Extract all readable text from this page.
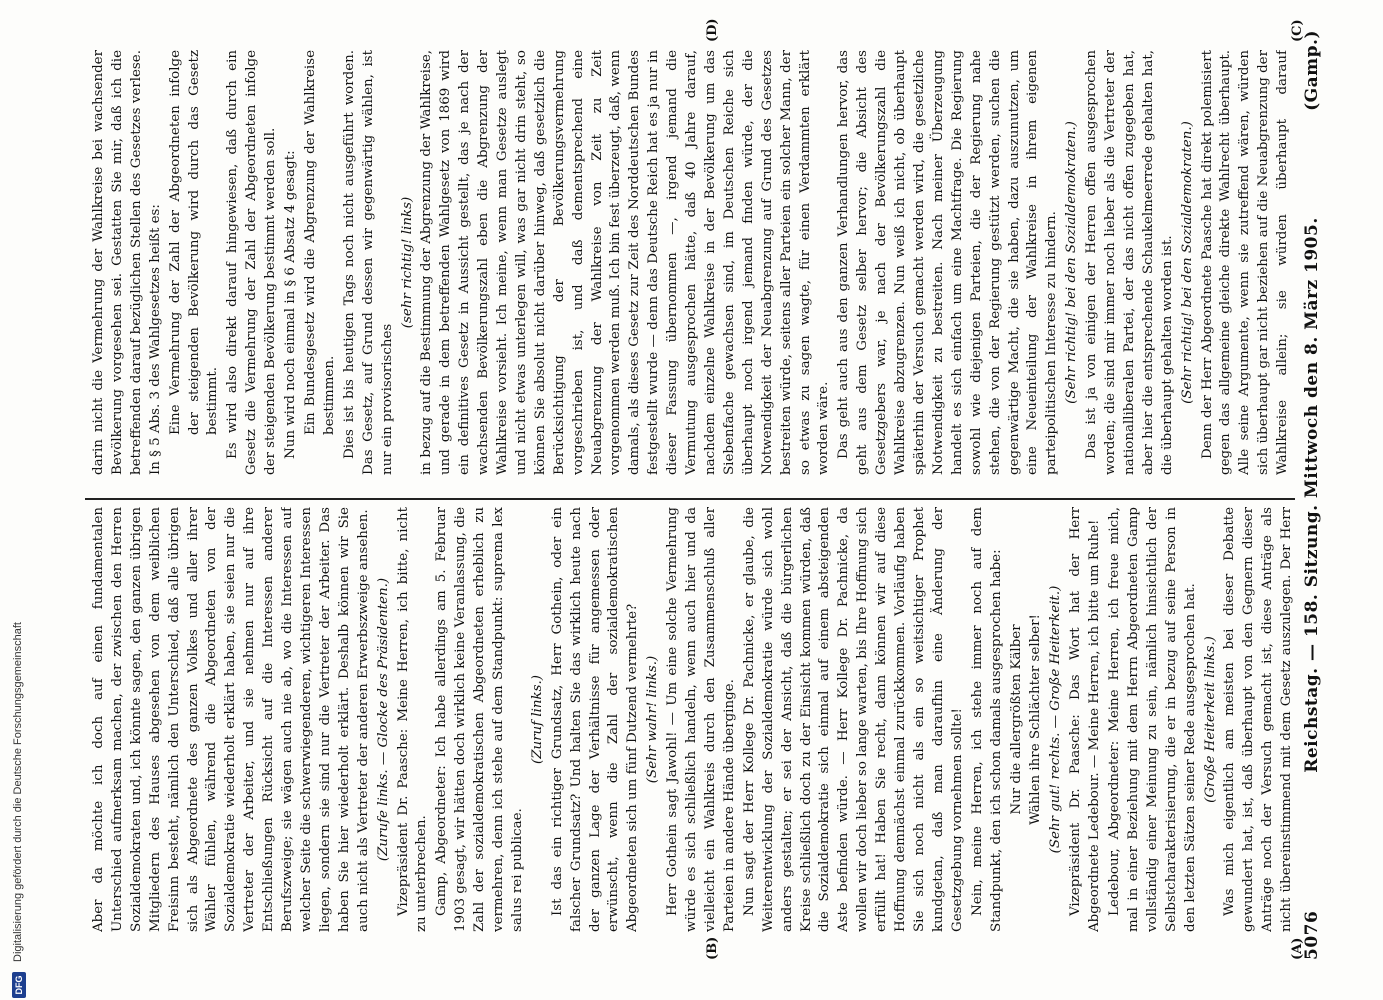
5076
Reichstag. — 158. Sitzung. Mittwoch den 8. März 1905.
(Gamp.)
(A)
(B)
(C)
(D)

Aber da möchte ich doch auf einen fundamentalen Unterschied aufmerksam machen, der zwischen den Herren Sozialdemokraten und, ich könnte sagen, den ganzen übrigen Mitgliedern des Hauses abgesehen von dem weiblichen Freisinn besteht, nämlich den Unterschied, daß alle übrigen sich als Abgeordnete des ganzen Volkes und aller ihrer Wähler fühlen, während die Abgeordneten von der Sozialdemokratie wiederholt erklärt haben, sie seien nur die Vertreter der Arbeiter, und sie nehmen nur auf ihre Entschließungen Rücksicht auf die Interessen anderer Berufszweige; sie wägen auch nie ab, wo die Interessen auf welcher Seite die schwerwiegenderen, wichtigeren Interessen liegen, sondern sie sind nur die Vertreter der Arbeiter. Das haben Sie hier wiederholt erklärt. Deshalb können wir Sie auch nicht als Vertreter der anderen Erwerbszweige ansehen. (Zurufe links. — Glocke des Präsidenten.) Vizepräsident Dr. Paasche: Meine Herren, ich bitte, nicht zu unterbrechen. Gamp, Abgeordneter: Ich habe allerdings am 5. Februar 1903 gesagt, wir hätten doch wirklich keine Veranlassung, die Zahl der sozialdemokratischen Abgeordneten erheblich zu vermehren, denn ich stehe auf dem Standpunkt: suprema lex salus rei publicae.

(Zuruf links.) Ist das ein richtiger Grundsatz, Herr Gothein, oder ein falscher Grundsatz? Und halten Sie das wirklich heute nach der ganzen Lage der Verhältnisse für angemessen oder erwünscht, wenn die Zahl der sozialdemokratischen Abgeordneten sich um fünf Dutzend vermehrte? (Sehr wahr! links.) Herr Gothein sagt Jawohl! — Um eine solche Vermehrung würde es sich schließlich handeln, wenn auch hier und da vielleicht ein Wahlkreis durch den Zusammenschluß aller Parteien in andere Hände überginge. Nun sagt der Herr Kollege Dr. Pachnicke, er glaube, die Weiterentwicklung der Sozialdemokratie würde sich wohl anders gestalten; er sei der Ansicht, daß die bürgerlichen Kreise schließlich doch zu der Einsicht kommen würden, daß die Sozialdemokratie sich einmal auf einem absteigenden Aste befinden würde. — Herr Kollege Dr. Pachnicke, da wollen wir doch lieber so lange warten, bis Ihre Hoffnung sich erfüllt hat! Haben Sie recht, dann können wir auf diese Hoffnung demnächst einmal zurückkommen. Vorläufig haben Sie sich noch nicht als ein so weitsichtiger Prophet kundgetan, daß man daraufhin eine Änderung der Gesetzgebung vornehmen sollte! Nein, meine Herren, ich stehe immer noch auf dem Standpunkt, den ich schon damals ausgesprochen habe: Nur die allergrößten Kälber Wählen ihre Schlächter selber! (Sehr gut! rechts. — Große Heiterkeit.) Vizepräsident Dr. Paasche: Das Wort hat der Herr Abgeordnete Ledebour. — Meine Herren, ich bitte um Ruhe! Ledebour, Abgeordneter: Meine Herren, ich freue mich, mal in einer Beziehung mit dem Herrn Abgeordneten Gamp vollständig einer Meinung zu sein, nämlich hinsichtlich der Selbstcharakterisierung, die er in bezug auf seine Person in den letzten Sätzen seiner Rede ausgesprochen hat. (Große Heiterkeit links.)

Was mich eigentlich am meisten bei dieser Debatte gewundert hat, ist, daß überhaupt von den Gegnern dieser Anträge noch der Versuch gemacht ist, diese Anträge als nicht übereinstimmend mit dem Gesetz auszulegen. Der Herr

darin nicht die Vermehrung der Wahlkreise bei wachsender Bevölkerung vorgesehen sei. Gestatten Sie mir, daß ich die betreffenden darauf bezüglichen Stellen des Gesetzes verlese. In § 5 Abs. 3 des Wahlgesetzes heißt es: Eine Vermehrung der Zahl der Abgeordneten infolge der steigenden Bevölkerung wird durch das Gesetz bestimmt. Es wird also direkt darauf hingewiesen, daß durch ein Gesetz die Vermehrung der Zahl der Abgeordneten infolge der steigenden Bevölkerung bestimmt werden soll. Nun wird noch einmal in § 6 Absatz 4 gesagt: Ein Bundesgesetz wird die Abgrenzung der Wahlkreise bestimmen. Dies ist bis heutigen Tags noch nicht ausgeführt worden. Das Gesetz, auf Grund dessen wir gegenwärtig wählen, ist nur ein provisorisches

(sehr richtig! links) in bezug auf die Bestimmung der Abgrenzung der Wahlkreise, und gerade in dem betreffenden Wahlgesetz von 1869 wird ein definitives Gesetz in Aussicht gestellt, das je nach der wachsenden Bevölkerungszahl eben die Abgrenzung der Wahlkreise vorsieht. Ich meine, wenn man Gesetze auslegt und nicht etwas unterlegen will, was gar nicht drin steht, so können Sie absolut nicht darüber hinweg, daß gesetzlich die Berücksichtigung der Bevölkerungsvermehrung vorgeschrieben ist, und daß dementsprechend eine Neuabgrenzung der Wahlkreise von Zeit zu Zeit vorgenommen werden muß. Ich bin fest überzeugt, daß, wenn damals, als dieses Gesetz zur Zeit des Norddeutschen Bundes festgestellt wurde — denn das Deutsche Reich hat es ja nur in dieser Fassung übernommen —, irgend jemand die Vermutung ausgesprochen hätte, daß 40 Jahre darauf, nachdem einzelne Wahlkreise in der Bevölkerung um das Siebenfache gewachsen sind, im Deutschen Reiche sich überhaupt noch irgend jemand finden würde, der die Notwendigkeit der Neuabgrenzung auf Grund des Gesetzes bestreiten würde, seitens aller Parteien ein solcher Mann, der so etwas zu sagen wagte, für einen Verdammten erklärt worden wäre. Das geht auch aus den ganzen Verhandlungen hervor, das geht aus dem Gesetz selber hervor; die Absicht des Gesetzgebers war, je nach der Bevölkerungszahl die Wahlkreise abzugrenzen. Nun weiß ich nicht, ob überhaupt späterhin der Versuch gemacht werden wird, die gesetzliche Notwendigkeit zu bestreiten. Nach meiner Überzeugung handelt es sich einfach um eine Machtfrage. Die Regierung sowohl wie diejenigen Parteien, die der Regierung nahe stehen, die von der Regierung gestützt werden, suchen die gegenwärtige Macht, die sie haben, dazu auszunutzen, um eine Neueinteilung der Wahlkreise in ihrem eigenen parteipolitischen Interesse zu hindern. (Sehr richtig! bei den Sozialdemokraten.) Das ist ja von einigen der Herren offen ausgesprochen worden; die sind mir immer noch lieber als die Vertreter der nationalliberalen Partei, der das nicht offen zugegeben hat, aber hier die entsprechende Schaukelmeerrede gehalten hat, die überhaupt gehalten worden ist. (Sehr richtig! bei den Sozialdemokraten.)

Denn der Herr Abgeordnete Paasche hat direkt polemisiert gegen das allgemeine gleiche direkte Wahlrecht überhaupt. Alle seine Argumente, wenn sie zutreffend wären, würden sich überhaupt gar nicht beziehen auf die Neuabgrenzung der Wahlkreise allein; sie würden überhaupt darauf

DFG
Digitalisierung gefördert durch die Deutsche Forschungsgemeinschaft
